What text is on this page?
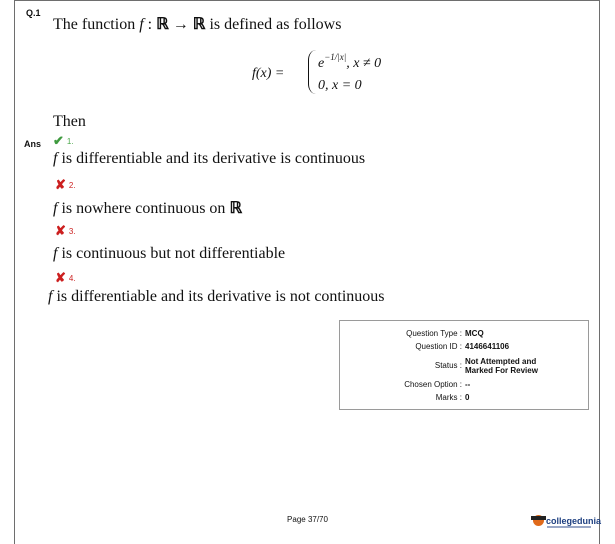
Q.1
The function f : ℝ → ℝ is defined as follows
f(x) =
$e^{-1/|x|}$, x ≠ 0
0, x = 0
Then
Ans ✔ 1.
f is differentiable and its derivative is continuous
✘ 2.
f is nowhere continuous on ℝ
✘ 3.
f is continuous but not differentiable
✘ 4.
f is differentiable and its derivative is not continuous
Question Type : MCQ
Question ID : 4146641106
Status : Not Attempted and
Marked For Review
Chosen Option : --
Marks : 0
Page 37/70	collegedunia
